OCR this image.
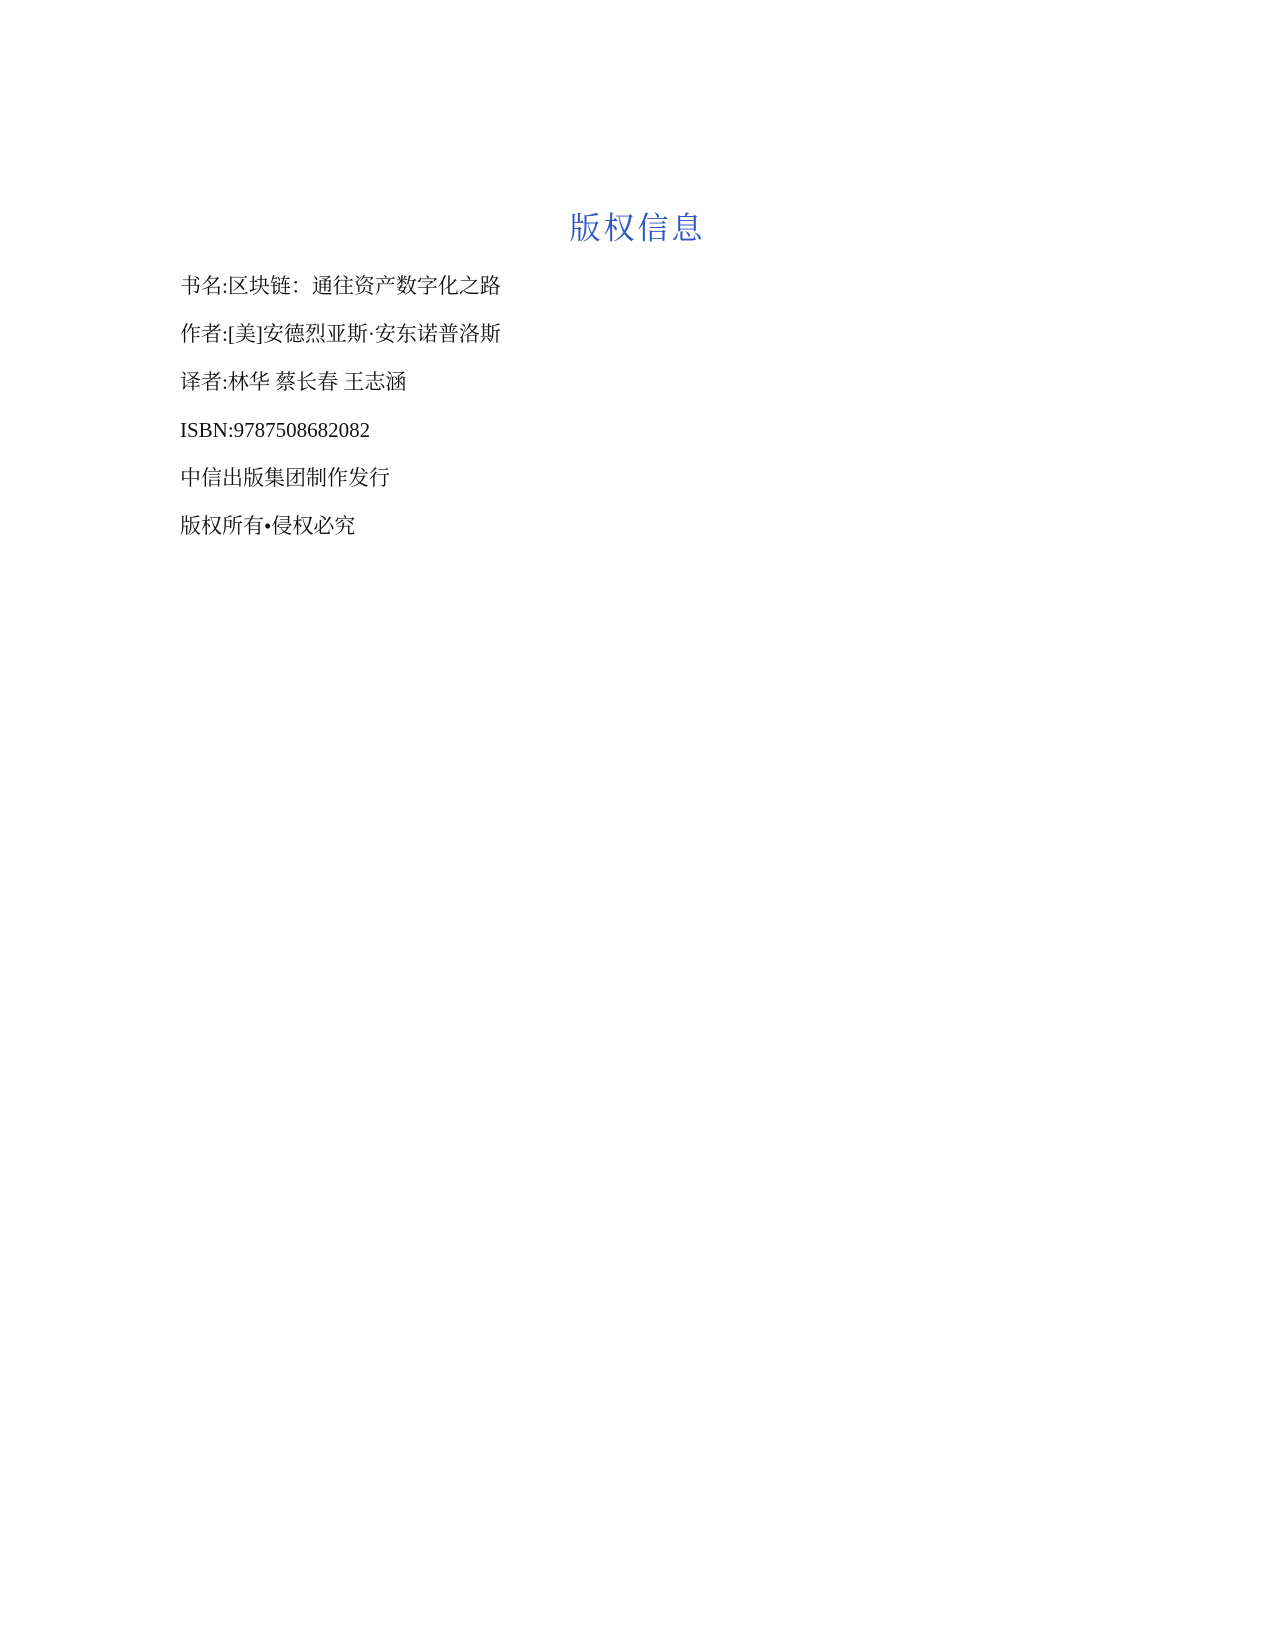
版权信息
书名:区块链：通往资产数字化之路
作者:[美]安德烈亚斯·安东诺普洛斯
译者:林华 蔡长春 王志涵
ISBN:9787508682082
中信出版集团制作发行
版权所有•侵权必究
